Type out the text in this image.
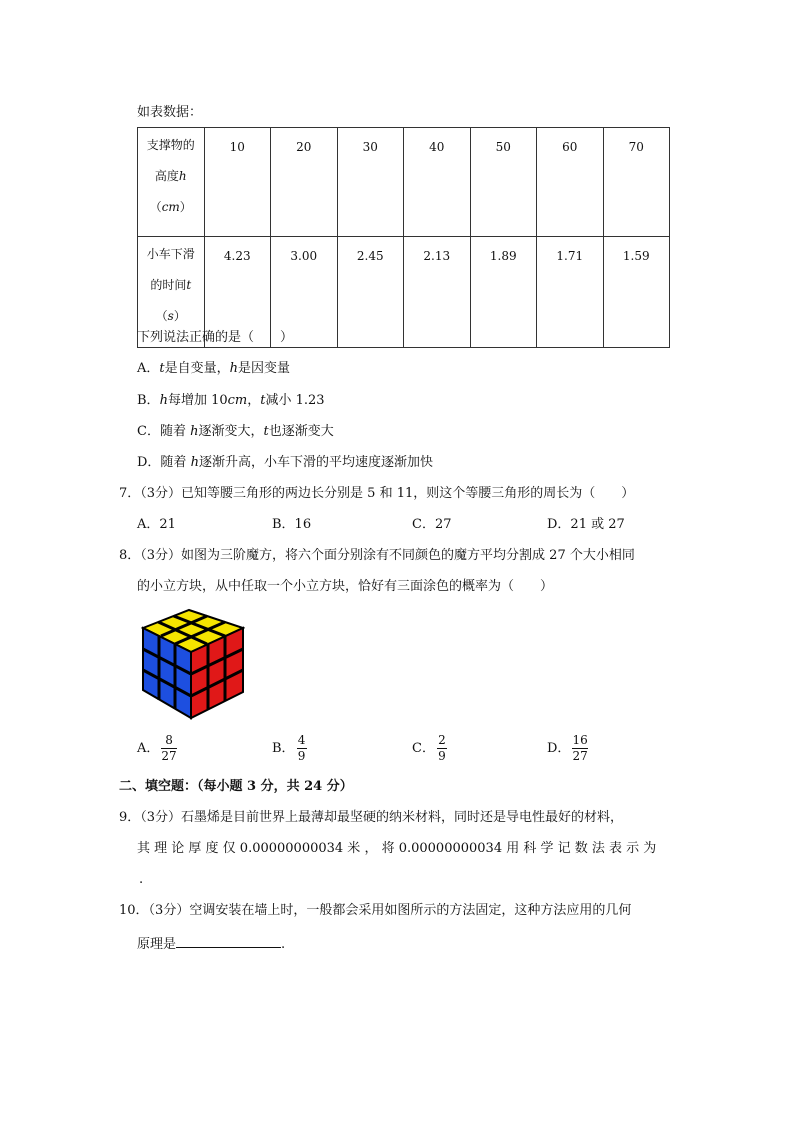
如表数据：
支撑物的
高度h
（cm）	10	20	30	40	50	60	70

小车下滑
的时间t
（s）	4.23	3.00	2.45	2.13	1.89	1.71	1.59
下列说法正确的是（　　）
A．t是自变量，h是因变量
B．h每增加 10cm，t减小 1.23
C．随着 h逐渐变大，t也逐渐变大
D．随着 h逐渐升高，小车下滑的平均速度逐渐加快
7．（3分）已知等腰三角形的两边长分别是 5 和 11，则这个等腰三角形的周长为（　　）
A．21	B．16	C．27	D．21 或 27
8．（3分）如图为三阶魔方，将六个面分别涂有不同颜色的魔方平均分割成 27 个大小相同
的小立方块，从中任取一个小立方块，恰好有三面涂色的概率为（　　）
A． $\frac{8}{27}$	B． $\frac{4}{9}$	C． $\frac{2}{9}$	D． $\frac{16}{27}$
二、填空题：（每小题 3 分，共 24 分）
9．（3分）石墨烯是目前世界上最薄却最坚硬的纳米材料，同时还是导电性最好的材料，
其 理 论 厚 度 仅 0.00000000034 米 ， 将 0.00000000034 用 科 学 记 数 法 表 示 为
.
10．（3分）空调安装在墙上时，一般都会采用如图所示的方法固定，这种方法应用的几何
原理是	.
